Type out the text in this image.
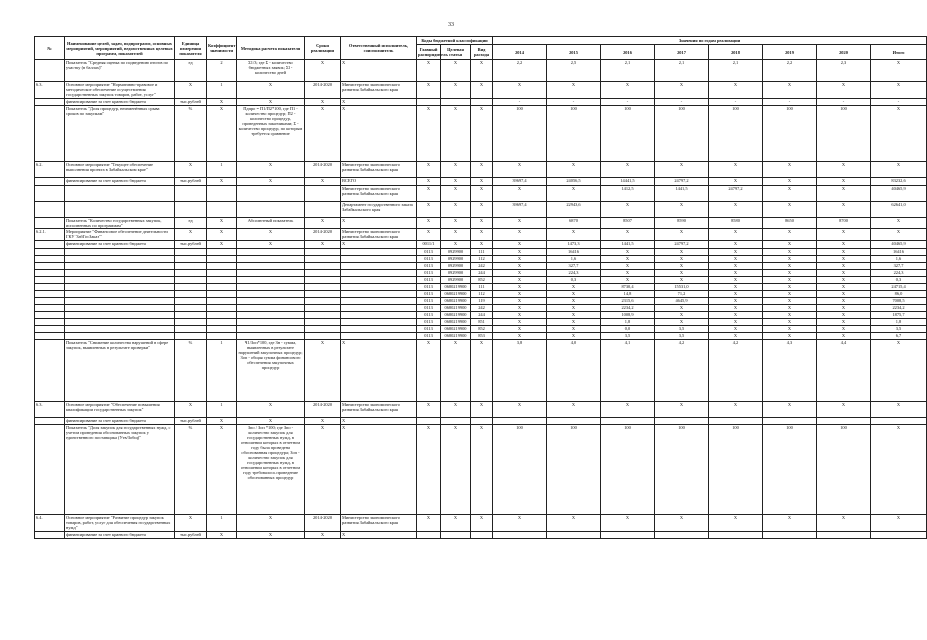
33
№	Наименование целей, задач, подпрограмм, основных мероприятий, мероприятий, ведомственных целевых программ, показателей	Единица измерения показателя	Коэффициент значимости	Методика расчета показателя	Сроки реализации	Ответственный исполнитель, соисполнитель	Коды бюджетной классификации			Значения по годам реализации							
							Главный распорядитель	Целевая статья	Вид расхода	2014	2015	2016	2017	2018	2019	2020	Итого
	Показатель "Средняя оценка по подведению итогов по участку (в баллах)"	ед	2	Σ1/3; где Σ - количество бюджетных заявок; Σl - количество дней	Х	Х	Х	Х	Х	2,2	2,5	2,1	2,1	2,1	2,2	2,3	Х
6.3.	Основное мероприятие "Нормативно-правовое и методическое обеспечение осуществления государственных закупок товаров, работ, услуг"	Х	1	Х	2014-2020	Министерство экономического развития Забайкальского края	Х	Х	Х	Х	Х	Х	Х	Х	Х	Х	Х
	финансирование за счет краевого бюджета	тыс.рублей	Х	Х	Х	Х				-	-	-	-	-	-	-	-
	Показатель "Доля процедур, неизменённых срыва сроков по закупкам"	%	Х	Пдпро = П1/П2*100, где П1 - количество процедур; П2 - количество процедур, проведенных заказчиками; Σ - количество процедур, по которым требуется сравнение	Х	Х	Х	Х	Х	100	100	100	100	100	100	100	Х
6.2.	Основное мероприятие "Текущее обеспечение выполнения проекта в Забайкальском крае"	Х	1	Х	2014-2020	Министерство экономического развития Забайкальского края	Х	Х	Х	Х	Х	Х	Х	Х	Х	Х	Х
	финансирование за счет краевого бюджета	тыс.рублей	Х	Х	Х	ВСЕГО	Х	Х	Х	39697,4	24056,5	14441,5	24797,2	Х	Х	Х	83232,6
						Министерство экономического развития Забайкальского края	Х	Х	Х	Х	Х	1412,5	1441,5	24797,2	Х	Х	40465,9
						Департамент государственного заказа Забайкальского края	Х	Х	Х	39697,4	22943,6	Х	Х	Х	Х	Х	62641,0
	Показатель "Количество государственных закупок, исполненных по программам"	ед	Х	Абсолютный показатель	Х	Х	Х	Х	Х	Х	6870	8507	8590	8580	8650	8700	Х
6.2.1.	Мероприятие "Финансовое обеспечение деятельности ГКУ 'ЗабГосЗаказ'"	Х	Х	Х	2014-2020	Министерство экономического развития Забайкальского края	Х	Х	Х	Х	Х	Х	Х	Х	Х	Х	Х
	финансирование за счет краевого бюджета	тыс.рублей	Х	Х	Х	Х	0011/1	Х	Х	Х	1473,3	1441,5	24797,2	Х	Х	Х	40465,9
							0113	0929900	111	Х	16416	Х	Х	Х	Х	Х	16416
							0113	0929900	112	Х	1,6	Х	Х	Х	Х	Х	1,6
							0113	0929900	242	Х	327,7	Х	Х	Х	Х	Х	327,7
							0113	0929900	244	Х	224,3	Х	Х	Х	Х	Х	224,3
							0113	0929900	852	Х	0,3	Х	Х	Х	Х	Х	0,3
							0113	0680219900	111	Х	Х	8730,4	15531,0	Х	Х	Х	24715,4
							0113	0680219900	112	Х	Х	14,8	71,2	Х	Х	Х	86,0
							0113	0680219900	119	Х	Х	2315,6	4645,9	Х	Х	Х	7008,5
							0113	0680219900	242	Х	Х	2234,2	Х	Х	Х	Х	2234,2
							0113	0680219900	244	Х	Х	1008,9	Х	Х	Х	Х	1875,7
							0113	0680219900	851	Х	Х	1,8	Х	Х	Х	Х	1,8
							0113	0680219900	852	Х	Х	0,0	3,5	Х	Х	Х	3,5
							0113	0680219900	853	Х	Х	3,5	3,5	Х	Х	Х	6,7
	Показатель "Снижение количества нарушений в сфере закупок, выявленных в результате проверки"	%	1	Ч1/Зоп*100, где Зн - сумма, выявленных в результате нарушений закупочных процедур; Зоп - общая сумма финансового обеспечения закупочных процедур	Х	Х	Х	Х	Х	3,8	4,0	4,1	4,2	4,2	4,3	4,4	Х
6.3.	Основное мероприятие "Обеспечение повышения квалификации государственных закупок"	Х	1	Х	2014-2020	Министерство экономического развития Забайкальского края	Х	Х	Х	Х	Х	Х	Х	Х	Х	Х	Х
	финансирование за счет краевого бюджета	тыс.рублей	Х	Х	Х	Х											
	Показатель "Доля закупок для государственных нужд, с учетом проведения обоснованных закупок у единственного поставщика (Утв/Зобщ)"	%	Х	Зпо / Зоп *100; где Зпо - количество закупок для государственных нужд, в отношении которых в отчетном году была проведена обоснованная процедура; Зоп - количество закупок для государственных нужд, в отношении которых в отчетном году требовалось проведение обоснованных процедур	Х	Х	Х	Х	Х	100	100	100	100	100	100	100	Х
6.4.	Основное мероприятие "Развитие процедур закупок товаров, работ, услуг для обеспечения государственных нужд"	Х	1	Х	2014-2020	Министерство экономического развития Забайкальского края	Х	Х	Х	Х	Х	Х	Х	Х	Х	Х	Х
	финансирование за счет краевого бюджета	тыс.рублей	Х	Х	Х	Х											
